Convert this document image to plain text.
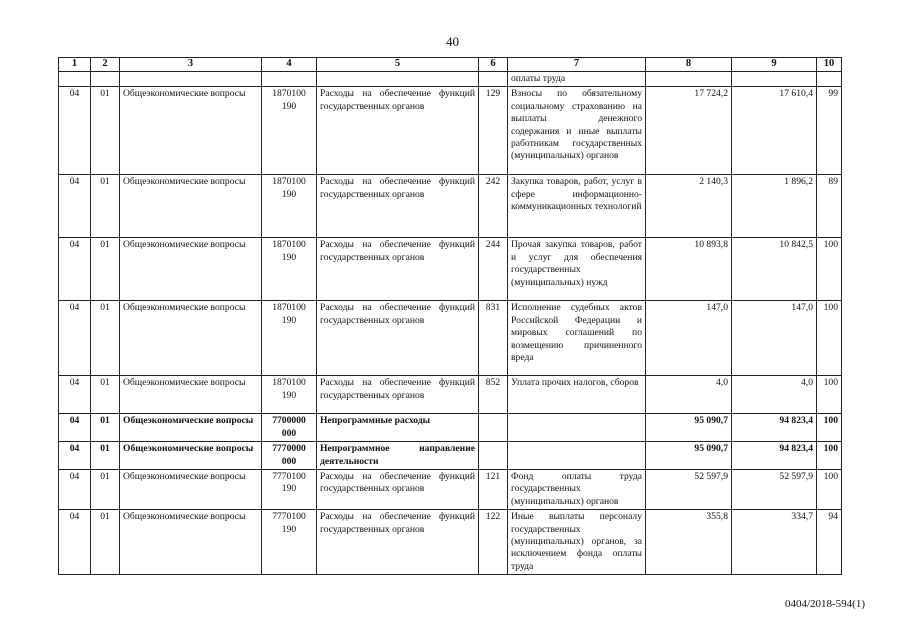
40
1	2	3	4	5	6	7	8	9	10
						оплаты труда			
04	01	Общеэкономические вопросы	1870100 190	Расходы на обеспечение функций государственных органов	129	Взносы по обязательному социальному страхованию на выплаты денежного содержания и иные выплаты работникам государственных (муниципальных) органов	17 724,2	17 610,4	99
04	01	Общеэкономические вопросы	1870100 190	Расходы на обеспечение функций государственных органов	242	Закупка товаров, работ, услуг в сфере информационно-коммуникационных технологий	2 140,3	1 896,2	89
04	01	Общеэкономические вопросы	1870100 190	Расходы на обеспечение функций государственных органов	244	Прочая закупка товаров, работ и услуг для обеспечения государственных (муниципальных) нужд	10 893,8	10 842,5	100
04	01	Общеэкономические вопросы	1870100 190	Расходы на обеспечение функций государственных органов	831	Исполнение судебных актов Российской Федерации и мировых соглашений по возмещению причиненного вреда	147,0	147,0	100
04	01	Общеэкономические вопросы	1870100 190	Расходы на обеспечение функций государственных органов	852	Уплата прочих налогов, сборов	4,0	4,0	100
04	01	Общеэкономические вопросы	7700000 000	Непрограммные расходы			95 090,7	94 823,4	100
04	01	Общеэкономические вопросы	7770000 000	Непрограммное направление деятельности			95 090,7	94 823,4	100
04	01	Общеэкономические вопросы	7770100 190	Расходы на обеспечение функций государственных органов	121	Фонд оплаты труда государственных (муниципальных) органов	52 597,9	52 597,9	100
04	01	Общеэкономические вопросы	7770100 190	Расходы на обеспечение функций государственных органов	122	Иные выплаты персоналу государственных (муниципальных) органов, за исключением фонда оплаты труда	355,8	334,7	94
0404/2018-594(1)
